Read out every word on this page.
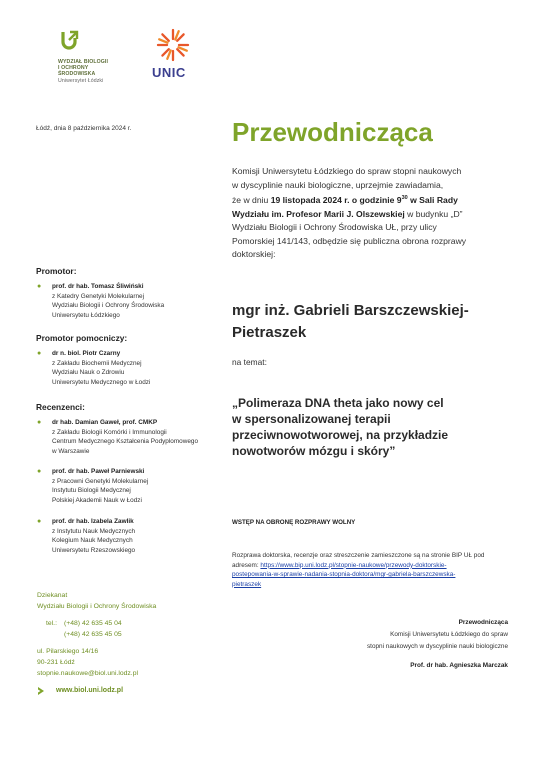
WYDZIAŁ BIOLOGII
I OCHRONY
ŚRODOWISKA
Uniwersytet Łódzki
UNIC
Łódź, dnia 8 października 2024 r.	Przewodnicząca
Komisji Uniwersytetu Łódzkiego do spraw stopni naukowych
w dyscyplinie nauki biologiczne, uprzejmie zawiadamia,
że w dniu 19 listopada 2024 r. o godzinie $9^{30}$ w Sali Rady
Wydziału im. Profesor Marii J. Olszewskiej w budynku „D”
Wydziału Biologii i Ochrony Środowiska UŁ, przy ulicy
Pomorskiej 141/143, odbędzie się publiczna obrona rozprawy
doktorskiej:
Promotor:
● prof. dr hab. Tomasz Śliwiński
z Katedry Genetyki Molekularnej
Wydziału Biologii i Ochrony Środowiska
Uniwersytetu Łódzkiego
Promotor pomocniczy:
● dr n. biol. Piotr Czarny
z Zakładu Biochemii Medycznej
Wydziału Nauk o Zdrowiu
Uniwersytetu Medycznego w Łodzi
Recenzenci:
● dr hab. Damian Gaweł, prof. CMKP
z Zakładu Biologii Komórki i Immunologii
Centrum Medycznego Kształcenia Podyplomowego
w Warszawie
● prof. dr hab. Paweł Parniewski
z Pracowni Genetyki Molekularnej
Instytutu Biologii Medycznej
Polskiej Akademii Nauk w Łodzi
● prof. dr hab. Izabela Zawlik
z Instytutu Nauk Medycznych
Kolegium Nauk Medycznych
Uniwersytetu Rzeszowskiego
mgr inż. Gabrieli Barszczewskiej-
Pietraszek
na temat:
„Polimeraza DNA theta jako nowy cel
w spersonalizowanej terapii
przeciwnowotworowej, na przykładzie
nowotworów mózgu i skóry”
WSTĘP NA OBRONĘ ROZPRAWY WOLNY
Rozprawa doktorska, recenzje oraz streszczenie zamieszczone są na stronie BIP UŁ pod
adresem: https://www.bip.uni.lodz.pl/stopnie-naukowe/przewody-doktorskie-
postepowania-w-sprawie-nadania-stopnia-doktora/mgr-gabriela-barszczewska-
pietraszek
Przewodnicząca
Komisji Uniwersytetu Łódzkiego do spraw
stopni naukowych w dyscyplinie nauki biologiczne
Prof. dr hab. Agnieszka Marczak
Dziekanat
Wydziału Biologii i Ochrony Środowiska
tel.: (+48) 42 635 45 04
(+48) 42 635 45 05
ul. Pilarskiego 14/16
90-231 Łódź
stopnie.naukowe@biol.uni.lodz.pl
www.biol.uni.lodz.pl
